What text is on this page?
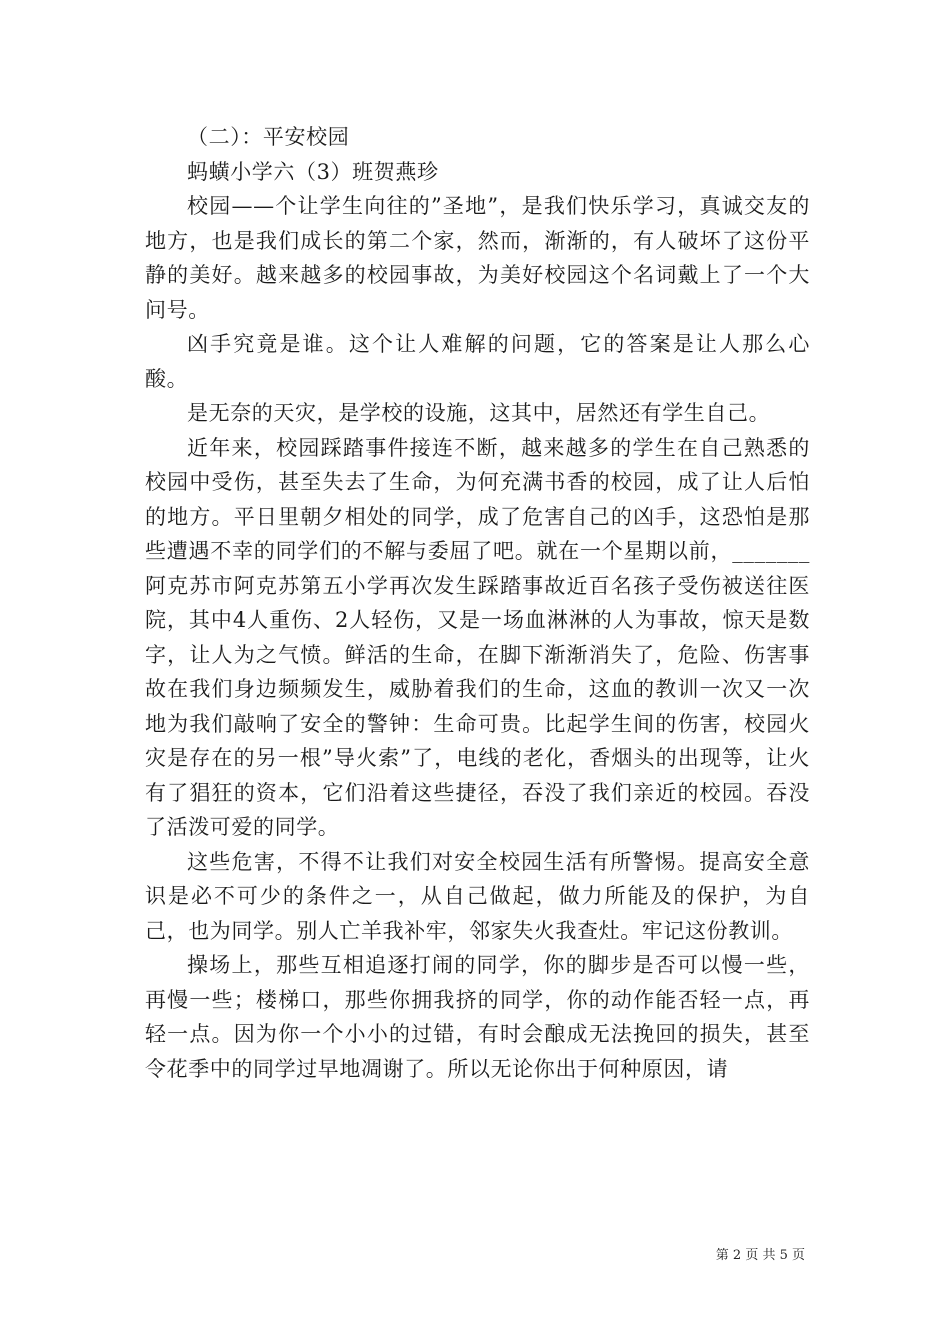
（二）：平安校园

蚂蟥小学六（3）班贺燕珍

校园——个让学生向往的”圣地”，是我们快乐学习，真诚交友的地方，也是我们成长的第二个家，然而，渐渐的，有人破坏了这份平静的美好。越来越多的校园事故，为美好校园这个名词戴上了一个大问号。

凶手究竟是谁。这个让人难解的问题，它的答案是让人那么心酸。

是无奈的天灾，是学校的设施，这其中，居然还有学生自己。

近年来，校园踩踏事件接连不断，越来越多的学生在自己熟悉的校园中受伤，甚至失去了生命，为何充满书香的校园，成了让人后怕的地方。平日里朝夕相处的同学，成了危害自己的凶手，这恐怕是那些遭遇不幸的同学们的不解与委屈了吧。就在一个星期以前，_______阿克苏市阿克苏第五小学再次发生踩踏事故近百名孩子受伤被送往医院，其中4人重伤、2人轻伤，又是一场血淋淋的人为事故，惊天是数字，让人为之气愤。鲜活的生命，在脚下渐渐消失了，危险、伤害事故在我们身边频频发生，威胁着我们的生命，这血的教训一次又一次地为我们敲响了安全的警钟：生命可贵。比起学生间的伤害，校园火灾是存在的另一根”导火索”了，电线的老化，香烟头的出现等，让火有了猖狂的资本，它们沿着这些捷径，吞没了我们亲近的校园。吞没了活泼可爱的同学。

这些危害，不得不让我们对安全校园生活有所警惕。提高安全意识是必不可少的条件之一，从自己做起，做力所能及的保护，为自己，也为同学。别人亡羊我补牢，邻家失火我查灶。牢记这份教训。

操场上，那些互相追逐打闹的同学，你的脚步是否可以慢一些，再慢一些；楼梯口，那些你拥我挤的同学，你的动作能否轻一点，再轻一点。因为你一个小小的过错，有时会酿成无法挽回的损失，甚至令花季中的同学过早地凋谢了。所以无论你出于何种原因，请

第 2 页 共 5 页
